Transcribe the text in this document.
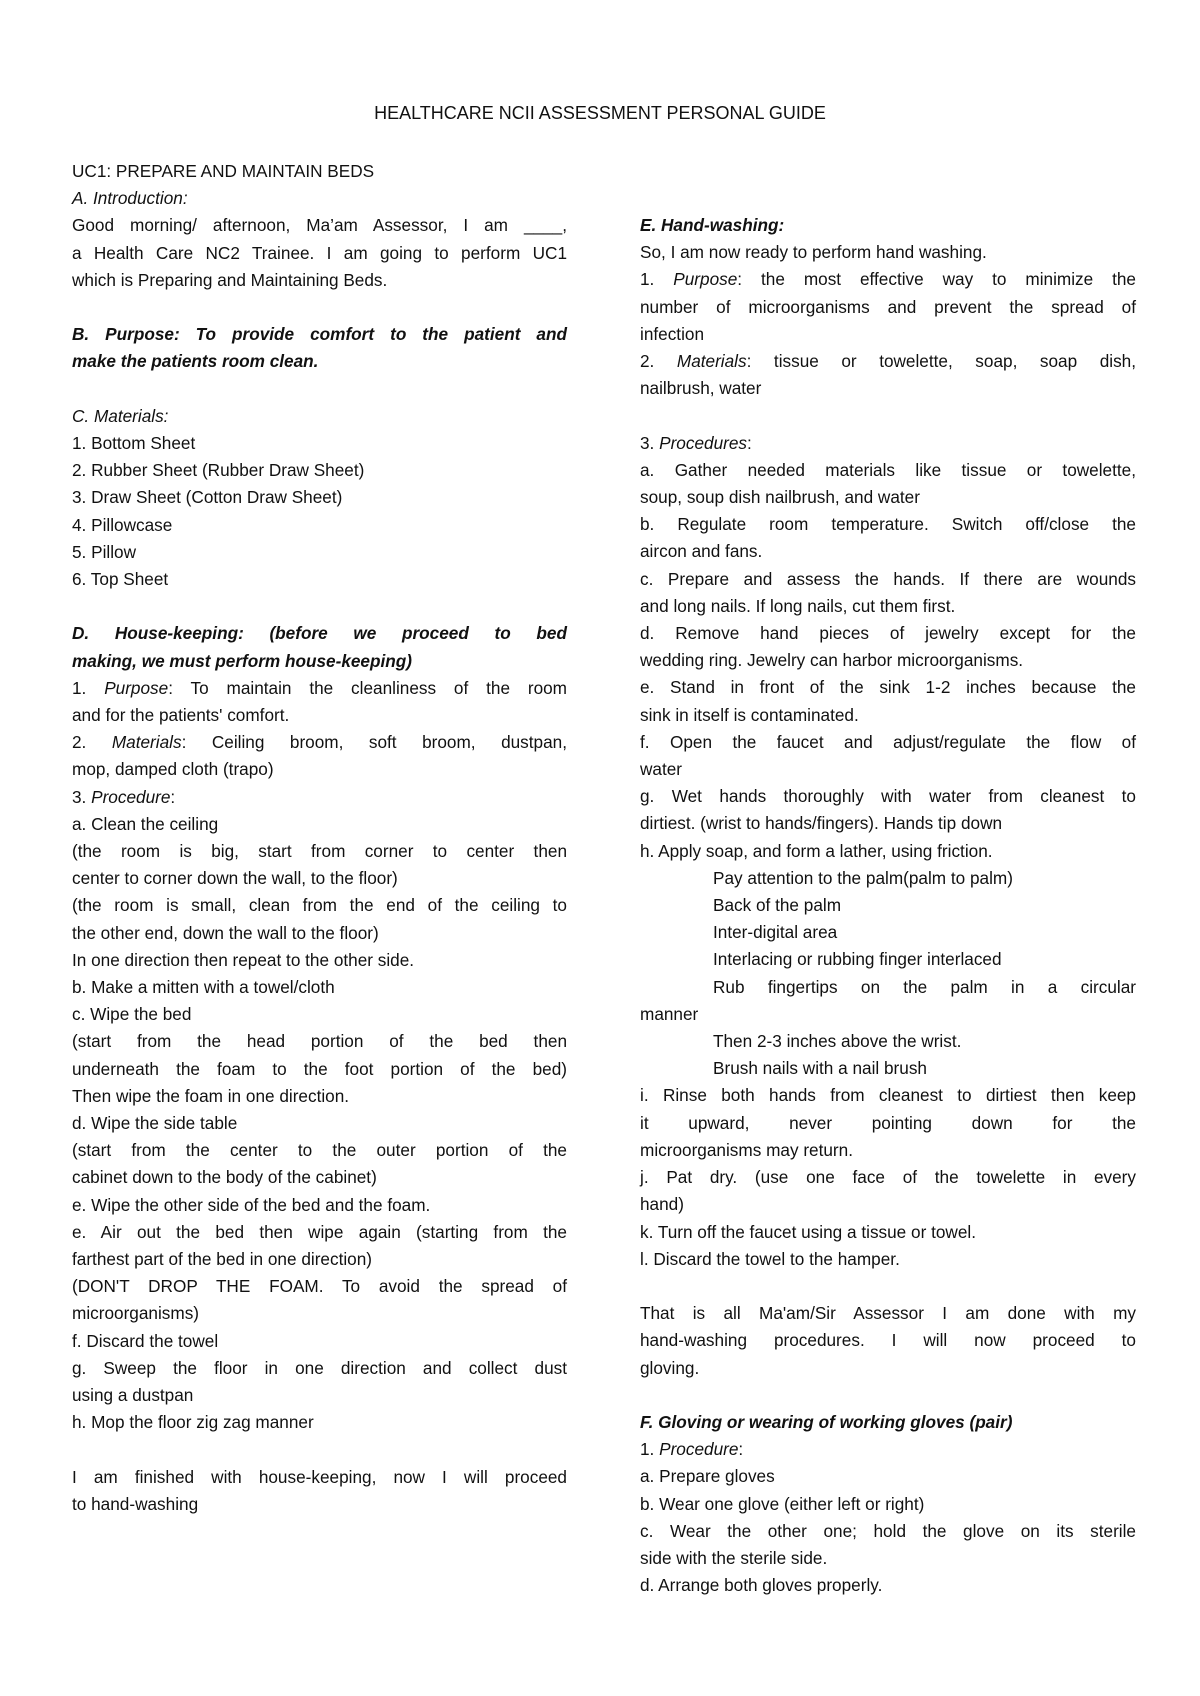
HEALTHCARE NCII ASSESSMENT PERSONAL GUIDE
UC1: PREPARE AND MAINTAIN BEDS
A. Introduction:
Good morning/ afternoon, Ma’am Assessor, I am ____,
a Health Care NC2 Trainee. I am going to perform UC1
which is Preparing and Maintaining Beds.
B. Purpose: To provide comfort to the patient and
make the patients room clean.
C. Materials:
1. Bottom Sheet
2. Rubber Sheet (Rubber Draw Sheet)
3. Draw Sheet (Cotton Draw Sheet)
4. Pillowcase
5. Pillow
6. Top Sheet
D. House-keeping: (before we proceed to bed
making, we must perform house-keeping)
1. Purpose: To maintain the cleanliness of the room
and for the patients' comfort.
2. Materials: Ceiling broom, soft broom, dustpan,
mop, damped cloth (trapo)
3. Procedure:
a. Clean the ceiling
(the room is big, start from corner to center then
center to corner down the wall, to the floor)
(the room is small, clean from the end of the ceiling to
the other end, down the wall to the floor)
In one direction then repeat to the other side.
b. Make a mitten with a towel/cloth
c. Wipe the bed
(start from the head portion of the bed then
underneath the foam to the foot portion of the bed)
Then wipe the foam in one direction.
d. Wipe the side table
(start from the center to the outer portion of the
cabinet down to the body of the cabinet)
e. Wipe the other side of the bed and the foam.
e. Air out the bed then wipe again (starting from the
farthest part of the bed in one direction)
(DON'T DROP THE FOAM. To avoid the spread of
microorganisms)
f. Discard the towel
g. Sweep the floor in one direction and collect dust
using a dustpan
h. Mop the floor zig zag manner
I am finished with house-keeping, now I will proceed
to hand-washing
E. Hand-washing:
So, I am now ready to perform hand washing.
1. Purpose: the most effective way to minimize the
number of microorganisms and prevent the spread of
infection
2. Materials: tissue or towelette, soap, soap dish,
nailbrush, water
3. Procedures:
a. Gather needed materials like tissue or towelette,
soup, soup dish nailbrush, and water
b. Regulate room temperature. Switch off/close the
aircon and fans.
c. Prepare and assess the hands. If there are wounds
and long nails. If long nails, cut them first.
d. Remove hand pieces of jewelry except for the
wedding ring. Jewelry can harbor microorganisms.
e. Stand in front of the sink 1-2 inches because the
sink in itself is contaminated.
f. Open the faucet and adjust/regulate the flow of
water
g. Wet hands thoroughly with water from cleanest to
dirtiest. (wrist to hands/fingers). Hands tip down
h. Apply soap, and form a lather, using friction.
Pay attention to the palm(palm to palm)
Back of the palm
Inter-digital area
Interlacing or rubbing finger interlaced
Rub fingertips on the palm in a circular
manner
Then 2-3 inches above the wrist.
Brush nails with a nail brush
i. Rinse both hands from cleanest to dirtiest then keep
it upward, never pointing down for the
microorganisms may return.
j. Pat dry. (use one face of the towelette in every
hand)
k. Turn off the faucet using a tissue or towel.
l. Discard the towel to the hamper.
That is all Ma'am/Sir Assessor I am done with my
hand-washing procedures. I will now proceed to
gloving.
F. Gloving or wearing of working gloves (pair)
1. Procedure:
a. Prepare gloves
b. Wear one glove (either left or right)
c. Wear the other one; hold the glove on its sterile
side with the sterile side.
d. Arrange both gloves properly.
